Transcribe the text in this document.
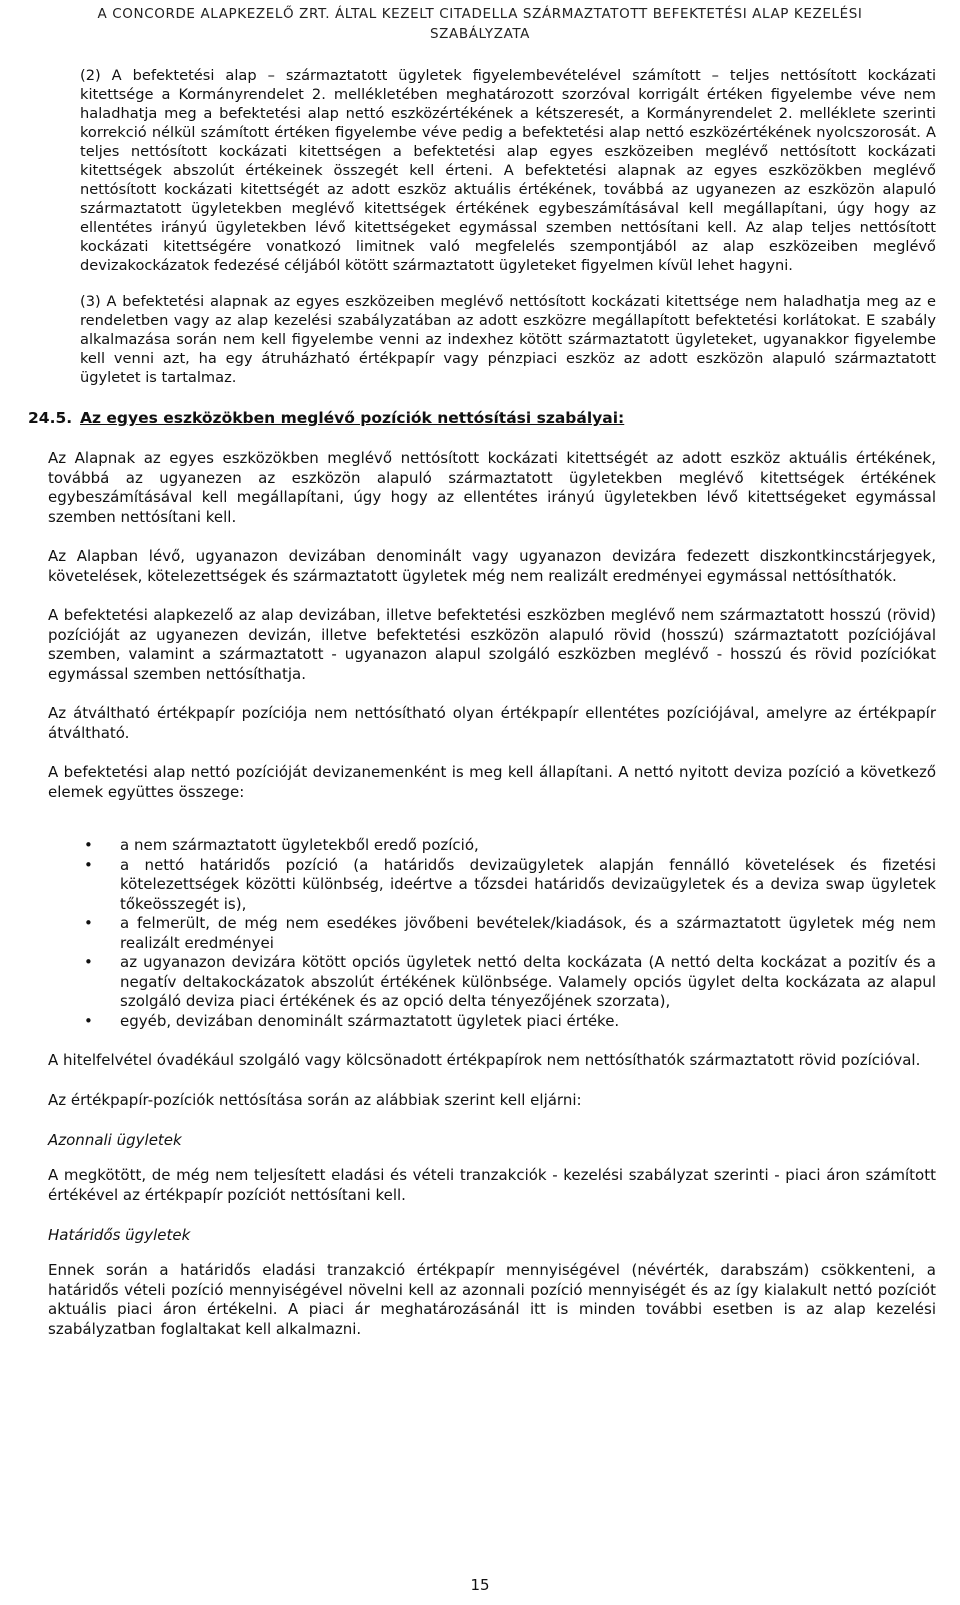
A CONCORDE ALAPKEZELŐ ZRT. ÁLTAL KEZELT CITADELLA SZÁRMAZTATOTT BEFEKTETÉSI ALAP KEZELÉSI
SZABÁLYZATA

(2) A befektetési alap – származtatott ügyletek figyelembevételével számított – teljes nettósított kockázati kitettsége a Kormányrendelet 2. mellékletében meghatározott szorzóval korrigált értéken figyelembe véve nem haladhatja meg a befektetési alap nettó eszközértékének a kétszeresét, a Kormányrendelet 2. melléklete szerinti korrekció nélkül számított értéken figyelembe véve pedig a befektetési alap nettó eszközértékének nyolcszorosát. A teljes nettósított kockázati kitettségen a befektetési alap egyes eszközeiben meglévő nettósított kockázati kitettségek abszolút értékeinek összegét kell érteni. A befektetési alapnak az egyes eszközökben meglévő nettósított kockázati kitettségét az adott eszköz aktuális értékének, továbbá az ugyanezen az eszközön alapuló származtatott ügyletekben meglévő kitettségek értékének egybeszámításával kell megállapítani, úgy hogy az ellentétes irányú ügyletekben lévő kitettségeket egymással szemben nettósítani kell. Az alap teljes nettósított kockázati kitettségére vonatkozó limitnek való megfelelés szempontjából az alap eszközeiben meglévő devizakockázatok fedezésé céljából kötött származtatott ügyleteket figyelmen kívül lehet hagyni.

(3) A befektetési alapnak az egyes eszközeiben meglévő nettósított kockázati kitettsége nem haladhatja meg az e rendeletben vagy az alap kezelési szabályzatában az adott eszközre megállapított befektetési korlátokat. E szabály alkalmazása során nem kell figyelembe venni az indexhez kötött származtatott ügyleteket, ugyanakkor figyelembe kell venni azt, ha egy átruházható értékpapír vagy pénzpiaci eszköz az adott eszközön alapuló származtatott ügyletet is tartalmaz.

24.5. Az egyes eszközökben meglévő pozíciók nettósítási szabályai:

Az Alapnak az egyes eszközökben meglévő nettósított kockázati kitettségét az adott eszköz aktuális értékének, továbbá az ugyanezen az eszközön alapuló származtatott ügyletekben meglévő kitettségek értékének egybeszámításával kell megállapítani, úgy hogy az ellentétes irányú ügyletekben lévő kitettségeket egymással szemben nettósítani kell.

Az Alapban lévő, ugyanazon devizában denominált vagy ugyanazon devizára fedezett diszkontkincstárjegyek, követelések, kötelezettségek és származtatott ügyletek még nem realizált eredményei egymással nettósíthatók.

A befektetési alapkezelő az alap devizában, illetve befektetési eszközben meglévő nem származtatott hosszú (rövid) pozícióját az ugyanezen devizán, illetve befektetési eszközön alapuló rövid (hosszú) származtatott pozíciójával szemben, valamint a származtatott - ugyanazon alapul szolgáló eszközben meglévő - hosszú és rövid pozíciókat egymással szemben nettósíthatja.

Az átváltható értékpapír pozíciója nem nettósítható olyan értékpapír ellentétes pozíciójával, amelyre az értékpapír átváltható.

A befektetési alap nettó pozícióját devizanemenként is meg kell állapítani. A nettó nyitott deviza pozíció a következő elemek együttes összege:

• a nem származtatott ügyletekből eredő pozíció,
• a nettó határidős pozíció (a határidős devizaügyletek alapján fennálló követelések és fizetési kötelezettségek közötti különbség, ideértve a tőzsdei határidős devizaügyletek és a deviza swap ügyletek tőkeösszegét is),
• a felmerült, de még nem esedékes jövőbeni bevételek/kiadások, és a származtatott ügyletek még nem realizált eredményei
• az ugyanazon devizára kötött opciós ügyletek nettó delta kockázata (A nettó delta kockázat a pozitív és a negatív deltakockázatok abszolút értékének különbsége. Valamely opciós ügylet delta kockázata az alapul szolgáló deviza piaci értékének és az opció delta tényezőjének szorzata),
• egyéb, devizában denominált származtatott ügyletek piaci értéke.

A hitelfelvétel óvadékául szolgáló vagy kölcsönadott értékpapírok nem nettósíthatók származtatott rövid pozícióval.

Az értékpapír-pozíciók nettósítása során az alábbiak szerint kell eljárni:

Azonnali ügyletek

A megkötött, de még nem teljesített eladási és vételi tranzakciók - kezelési szabályzat szerinti - piaci áron számított értékével az értékpapír pozíciót nettósítani kell.

Határidős ügyletek

Ennek során a határidős eladási tranzakció értékpapír mennyiségével (névérték, darabszám) csökkenteni, a határidős vételi pozíció mennyiségével növelni kell az azonnali pozíció mennyiségét és az így kialakult nettó pozíciót aktuális piaci áron értékelni. A piaci ár meghatározásánál itt is minden további esetben is az alap kezelési szabályzatban foglaltakat kell alkalmazni.

15
